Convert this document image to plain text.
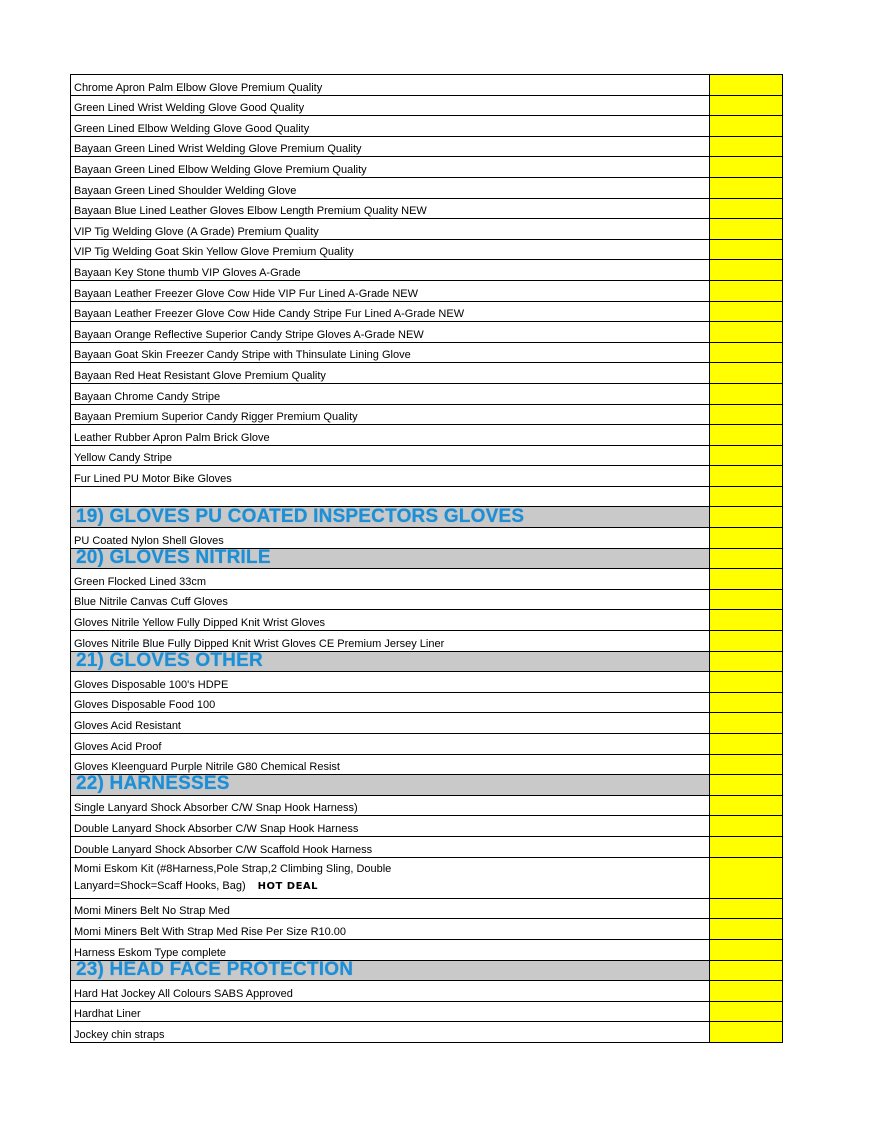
Chrome Apron Palm Elbow Glove Premium Quality
Green Lined Wrist Welding Glove Good Quality
Green Lined Elbow Welding Glove Good Quality
Bayaan Green Lined Wrist Welding Glove Premium Quality
Bayaan Green Lined Elbow Welding Glove Premium Quality
Bayaan Green Lined Shoulder Welding Glove
Bayaan Blue Lined Leather Gloves Elbow Length Premium Quality NEW
VIP Tig Welding Glove (A Grade) Premium Quality
VIP Tig Welding Goat Skin Yellow Glove Premium Quality
Bayaan Key Stone thumb VIP Gloves A-Grade
Bayaan Leather Freezer Glove Cow Hide VIP Fur Lined A-Grade NEW
Bayaan Leather Freezer Glove Cow Hide Candy Stripe Fur Lined A-Grade NEW
Bayaan Orange Reflective Superior Candy Stripe Gloves A-Grade NEW
Bayaan Goat Skin Freezer Candy Stripe with Thinsulate Lining Glove
Bayaan Red Heat Resistant Glove Premium Quality
Bayaan Chrome Candy Stripe
Bayaan Premium Superior Candy Rigger Premium Quality
Leather Rubber Apron Palm Brick Glove
Yellow Candy Stripe
Fur Lined PU Motor Bike Gloves
19) GLOVES PU COATED INSPECTORS GLOVES
PU Coated Nylon Shell Gloves
20) GLOVES NITRILE
Green Flocked Lined 33cm
Blue Nitrile Canvas Cuff Gloves
Gloves Nitrile Yellow Fully Dipped Knit Wrist Gloves
Gloves Nitrile Blue Fully Dipped Knit Wrist Gloves CE Premium Jersey Liner
21) GLOVES OTHER
Gloves Disposable 100's HDPE
Gloves Disposable Food 100
Gloves Acid Resistant
Gloves Acid Proof
Gloves Kleenguard Purple Nitrile G80 Chemical Resist
22) HARNESSES
Single Lanyard Shock Absorber C/W Snap Hook Harness)
Double Lanyard Shock Absorber C/W Snap Hook Harness
Double Lanyard Shock Absorber C/W Scaffold Hook Harness
Momi Eskom Kit (#8Harness,Pole Strap,2 Climbing Sling, Double
Lanyard=Shock=Scaff Hooks, Bag) HOT DEAL
Momi Miners Belt No Strap Med
Momi Miners Belt With Strap Med Rise Per Size R10.00
Harness Eskom Type complete
23) HEAD FACE PROTECTION
Hard Hat Jockey All Colours SABS Approved
Hardhat Liner
Jockey chin straps
